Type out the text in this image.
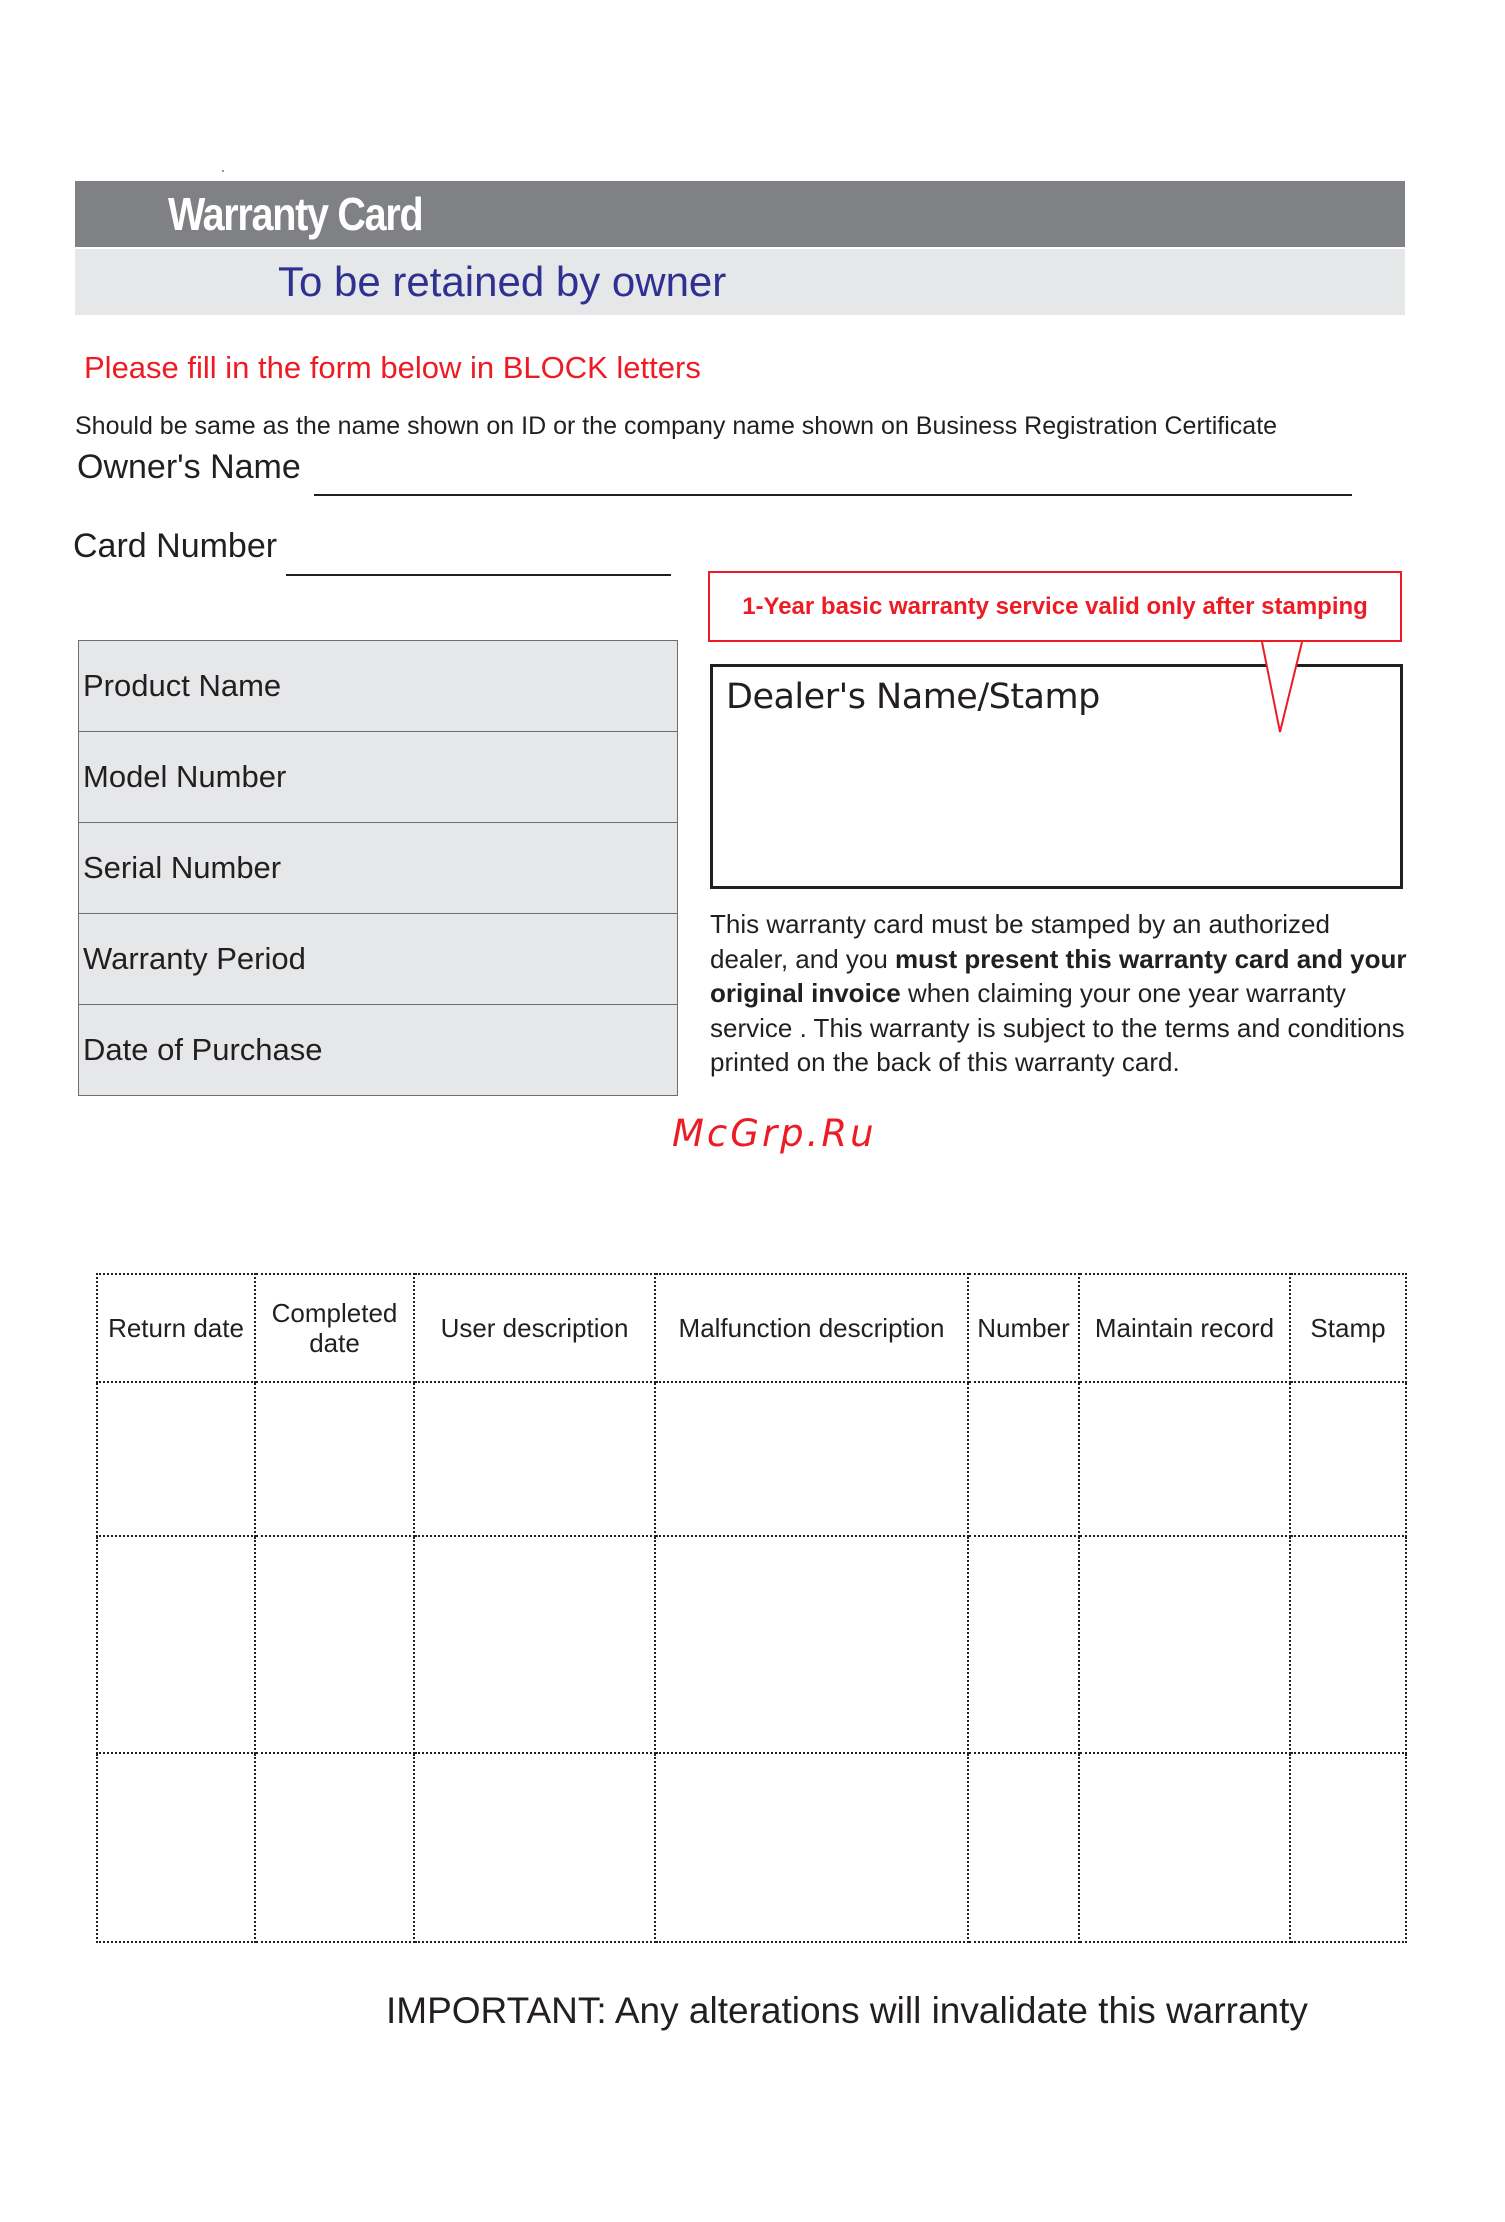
Warranty Card
To be retained by owner
Please fill in the form below in BLOCK letters
Should be same as the name shown on ID or the company name shown on Business Registration Certificate
Owner's Name
Card Number
Product Name
Model Number
Serial Number
Warranty Period
Date of Purchase
Dealer's Name/Stamp
1-Year basic warranty service valid only after stamping
This warranty card must be stamped by an authorized dealer, and you must present this warranty card and your original invoice when claiming your one year warranty service . This warranty is subject to the terms and conditions printed on the back of this warranty card.
McGrp.Ru
Return date	Completed date	User description	Malfunction description	Number	Maintain record	Stamp

IMPORTANT: Any alterations will invalidate this warranty
